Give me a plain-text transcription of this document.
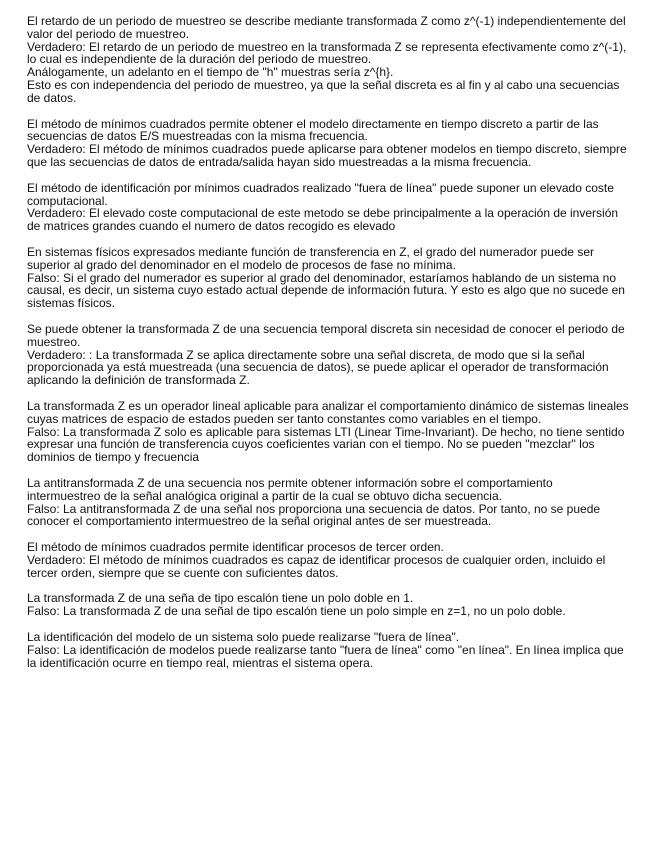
El retardo de un periodo de muestreo se describe mediante transformada Z como z^(-1) independientemente del valor del periodo de muestreo.
Verdadero: El retardo de un periodo de muestreo en la transformada Z se representa efectivamente como z^(-1), lo cual es independiente de la duración del periodo de muestreo.
Análogamente, un adelanto en el tiempo de "h" muestras sería z^{h}.
Esto es con independencia del periodo de muestreo, ya que la señal discreta es al fin y al cabo una secuencias de datos.
El método de mínimos cuadrados permite obtener el modelo directamente en tiempo discreto a partir de las secuencias de datos E/S muestreadas con la misma frecuencia.
Verdadero: El método de mínimos cuadrados puede aplicarse para obtener modelos en tiempo discreto, siempre que las secuencias de datos de entrada/salida hayan sido muestreadas a la misma frecuencia.
El método de identificación por mínimos cuadrados realizado "fuera de línea" puede suponer un elevado coste computacional.
Verdadero: El elevado coste computacional de este metodo se debe principalmente a la operación de inversión de matrices grandes cuando el numero de datos recogido es elevado
En sistemas físicos expresados mediante función de transferencia en Z, el grado del numerador puede ser superior al grado del denominador en el modelo de procesos de fase no mínima.
Falso: Si el grado del numerador es superior al grado del denominador, estaríamos hablando de un sistema no causal, es decir, un sistema cuyo estado actual depende de información futura. Y esto es algo que no sucede en sistemas físicos.
Se puede obtener la transformada Z de una secuencia temporal discreta sin necesidad de conocer el periodo de muestreo.
Verdadero: : La transformada Z se aplica directamente sobre una señal discreta, de modo que si la señal proporcionada ya está muestreada (una secuencia de datos), se puede aplicar el operador de transformación aplicando la definición de transformada Z.
La transformada Z es un operador lineal aplicable para analizar el comportamiento dinámico de sistemas lineales cuyas matrices de espacio de estados pueden ser tanto constantes como variables en el tiempo.
Falso: La transformada Z solo es aplicable para sistemas LTI (Linear Time-Invariant). De hecho, no tiene sentido expresar una función de transferencia cuyos coeficientes varian con el tiempo. No se pueden "mezclar" los dominios de tiempo y frecuencia
La antitransformada Z de una secuencia nos permite obtener información sobre el comportamiento intermuestreo de la señal analógica original a partir de la cual se obtuvo dicha secuencia.
Falso: La antitransformada Z de una señal nos proporciona una secuencia de datos. Por tanto, no se puede conocer el comportamiento intermuestreo de la señal original antes de ser muestreada.
El método de mínimos cuadrados permite identificar procesos de tercer orden.
Verdadero: El método de mínimos cuadrados es capaz de identificar procesos de cualquier orden, incluido el tercer orden, siempre que se cuente con suficientes datos.
La transformada Z de una seña de tipo escalón tiene un polo doble en 1.
Falso: La transformada Z de una señal de tipo escalón tiene un polo simple en z=1, no un polo doble.
La identificación del modelo de un sistema solo puede realizarse "fuera de línea".
Falso: La identificación de modelos puede realizarse tanto "fuera de línea" como "en línea". En línea implica que la identificación ocurre en tiempo real, mientras el sistema opera.
